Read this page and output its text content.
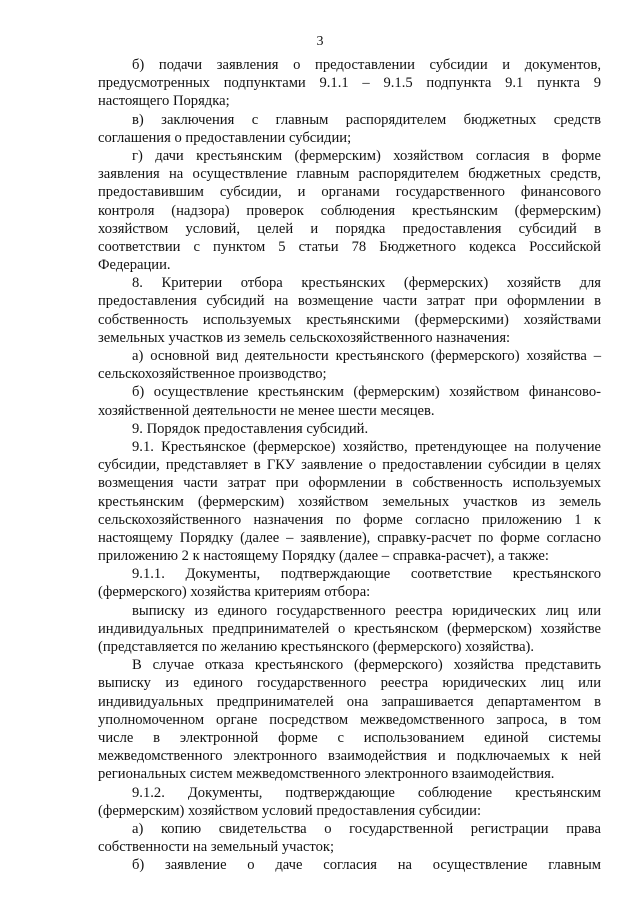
3
б) подачи заявления о предоставлении субсидии и документов,
предусмотренных подпунктами 9.1.1 – 9.1.5 подпункта 9.1 пункта 9
настоящего Порядка;
в) заключения с главным распорядителем бюджетных средств
соглашения о предоставлении субсидии;
г) дачи крестьянским (фермерским) хозяйством согласия в форме
заявления на осуществление главным распорядителем бюджетных средств,
предоставившим субсидии, и органами государственного финансового
контроля (надзора) проверок соблюдения крестьянским (фермерским)
хозяйством условий, целей и порядка предоставления субсидий в
соответствии с пунктом 5 статьи 78 Бюджетного кодекса Российской
Федерации.
8. Критерии отбора крестьянских (фермерских) хозяйств для
предоставления субсидий на возмещение части затрат при оформлении в
собственность используемых крестьянскими (фермерскими) хозяйствами
земельных участков из земель сельскохозяйственного назначения:
а) основной вид деятельности крестьянского (фермерского) хозяйства –
сельскохозяйственное производство;
б) осуществление крестьянским (фермерским) хозяйством финансово-
хозяйственной деятельности не менее шести месяцев.
9. Порядок предоставления субсидий.
9.1. Крестьянское (фермерское) хозяйство, претендующее на получение
субсидии, представляет в ГКУ заявление о предоставлении субсидии в целях
возмещения части затрат при оформлении в собственность используемых
крестьянским (фермерским) хозяйством земельных участков из земель
сельскохозяйственного назначения по форме согласно приложению 1 к
настоящему Порядку (далее – заявление), справку-расчет по форме согласно
приложению 2 к настоящему Порядку (далее – справка-расчет), а также:
9.1.1. Документы, подтверждающие соответствие крестьянского
(фермерского) хозяйства критериям отбора:
выписку из единого государственного реестра юридических лиц или
индивидуальных предпринимателей о крестьянском (фермерском) хозяйстве
(представляется по желанию крестьянского (фермерского) хозяйства).
В случае отказа крестьянского (фермерского) хозяйства представить
выписку из единого государственного реестра юридических лиц или
индивидуальных предпринимателей она запрашивается департаментом в
уполномоченном органе посредством межведомственного запроса, в том
числе в электронной форме с использованием единой системы
межведомственного электронного взаимодействия и подключаемых к ней
региональных систем межведомственного электронного взаимодействия.
9.1.2. Документы, подтверждающие соблюдение крестьянским
(фермерским) хозяйством условий предоставления субсидии:
а) копию свидетельства о государственной регистрации права
собственности на земельный участок;
б) заявление о даче согласия на осуществление главным
